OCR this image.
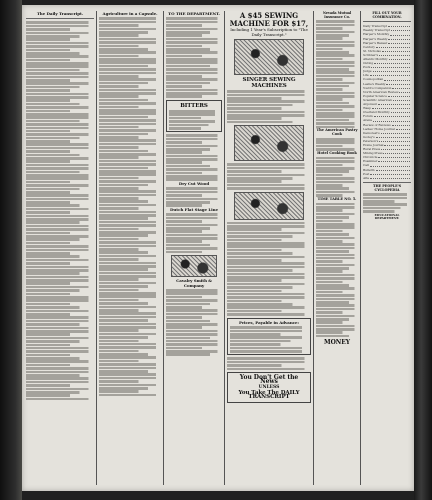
The Daily Transcript.	Agriculture in a Capsule.	TO THE DEPARTMENT.
BITTERS
Dry Cut Wood
Dutch Flat Stage Line
Cavalry Smith & Company
A $45 SEWING MACHINE FOR $17,
Including 1 Year's Subscription to "The Daily Transcript."
SINGER SEWING MACHINES
Prices, Payable in Advance:
You Don't Get the News
UNLESS
You Take The DAILY TRANSCRIPT
Nevada Mutual Insurance Co.
The American Pastry Cook
Hotel Cooking Book
TIME TABLE NO. 5.
MONEY
FILL OUT YOUR COMBINATION.
Daily Transcript
Weekly Transcript
Harper's Monthly
Harper's Weekly
Harper's Bazaar
Century
St. Nicholas
Scribner's
Atlantic Monthly
Outing
Puck
Judge
Life
Cosmopolitan
Leslie's Weekly
Youth's Companion
North American Review
Popular Science
Scientific American
Argonaut
Wasp
Overland Monthly
Forum
Arena
Review of Reviews
Ladies' Home Journal
Demorest's
Godey's
Peterson's
Home Journal
Rural Press
Mining Press
Chronicle
Examiner
Call
Bulletin
Post
Alta
THE PEOPLE'S CYCLOPEDIA
EDUCATIONAL DEPARTMENT.
